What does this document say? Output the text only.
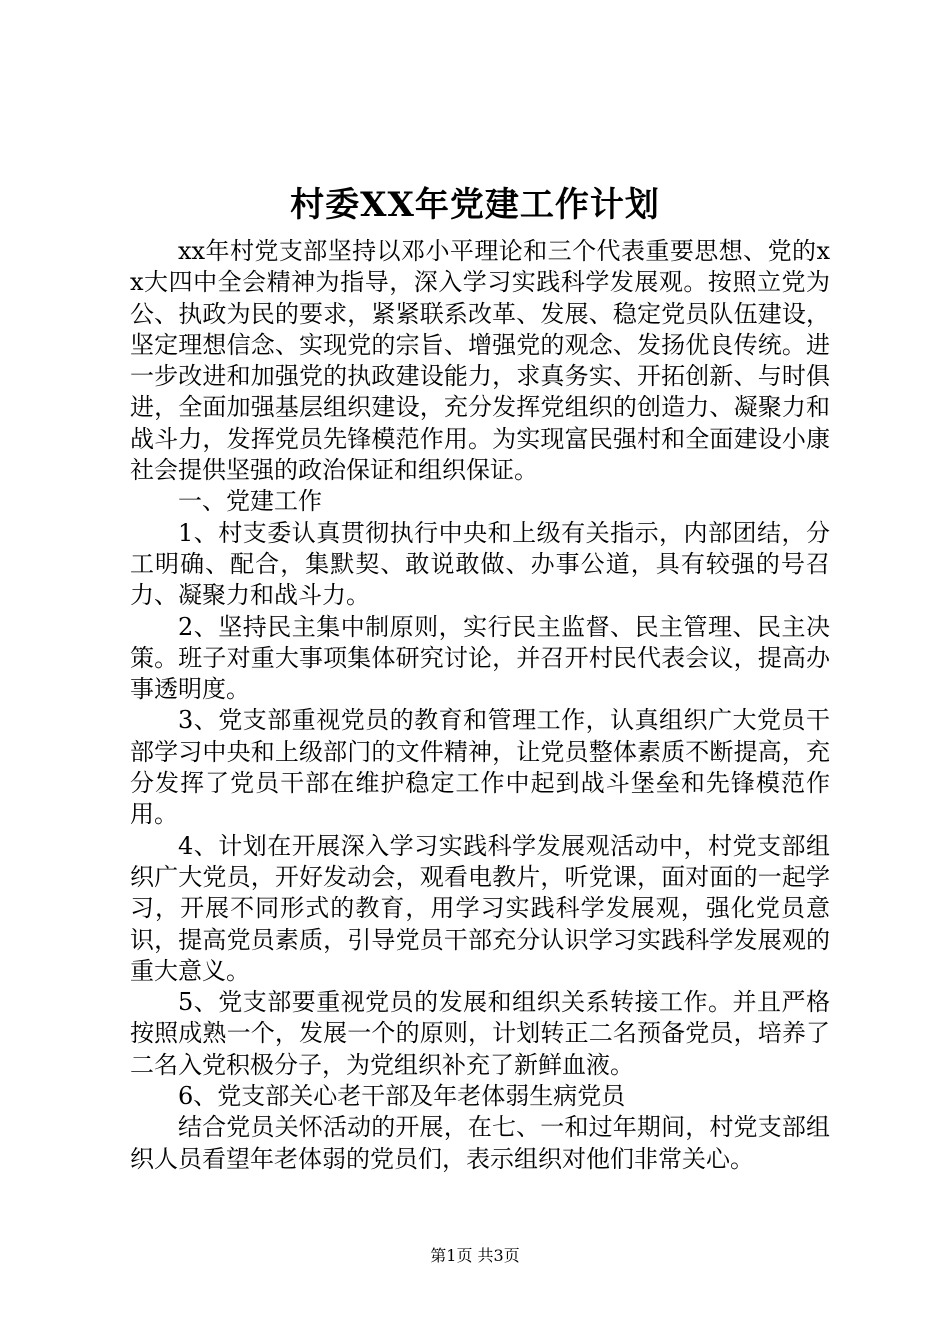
村委XX年党建工作计划

xx年村党支部坚持以邓小平理论和三个代表重要思想、党的xx大四中全会精神为指导，深入学习实践科学发展观。按照立党为公、执政为民的要求，紧紧联系改革、发展、稳定党员队伍建设，坚定理想信念、实现党的宗旨、增强党的观念、发扬优良传统。进一步改进和加强党的执政建设能力，求真务实、开拓创新、与时俱进，全面加强基层组织建设，充分发挥党组织的创造力、凝聚力和战斗力，发挥党员先锋模范作用。为实现富民强村和全面建设小康社会提供坚强的政治保证和组织保证。

一、党建工作

1、村支委认真贯彻执行中央和上级有关指示，内部团结，分工明确、配合，集默契、敢说敢做、办事公道，具有较强的号召力、凝聚力和战斗力。

2、坚持民主集中制原则，实行民主监督、民主管理、民主决策。班子对重大事项集体研究讨论，并召开村民代表会议，提高办事透明度。

3、党支部重视党员的教育和管理工作，认真组织广大党员干部学习中央和上级部门的文件精神，让党员整体素质不断提高，充分发挥了党员干部在维护稳定工作中起到战斗堡垒和先锋模范作用。

4、计划在开展深入学习实践科学发展观活动中，村党支部组织广大党员，开好发动会，观看电教片，听党课，面对面的一起学习，开展不同形式的教育，用学习实践科学发展观，强化党员意识，提高党员素质，引导党员干部充分认识学习实践科学发展观的重大意义。

5、党支部要重视党员的发展和组织关系转接工作。并且严格按照成熟一个，发展一个的原则，计划转正二名预备党员，培养了二名入党积极分子，为党组织补充了新鲜血液。

6、党支部关心老干部及年老体弱生病党员

结合党员关怀活动的开展，在七、一和过年期间，村党支部组织人员看望年老体弱的党员们，表示组织对他们非常关心。

第1页 共3页
